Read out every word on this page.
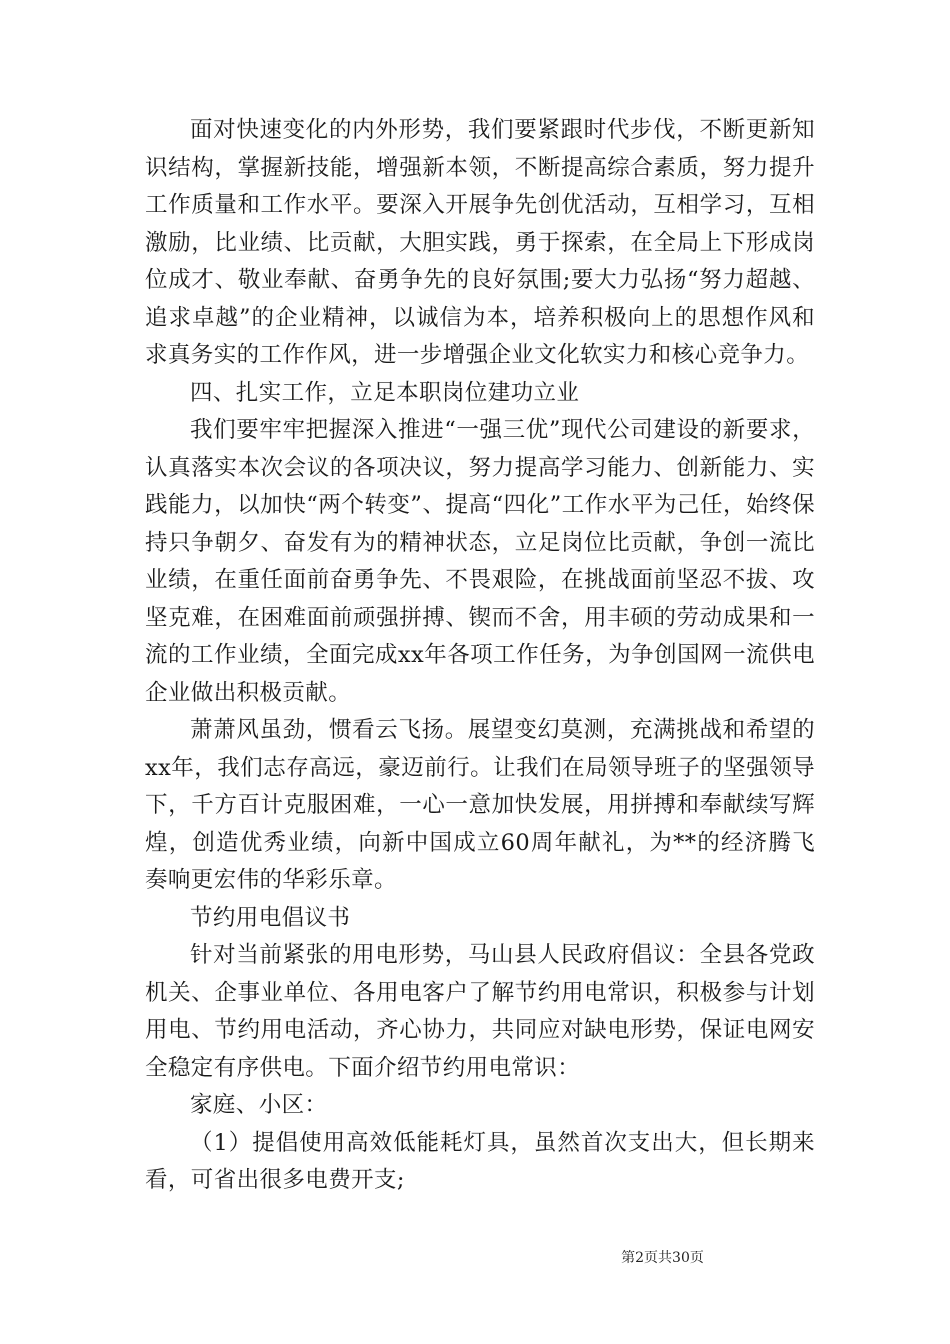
面对快速变化的内外形势，我们要紧跟时代步伐，不断更新知识结构，掌握新技能，增强新本领，不断提高综合素质，努力提升工作质量和工作水平。要深入开展争先创优活动，互相学习，互相激励，比业绩、比贡献，大胆实践，勇于探索，在全局上下形成岗位成才、敬业奉献、奋勇争先的良好氛围;要大力弘扬“努力超越、追求卓越”的企业精神，以诚信为本，培养积极向上的思想作风和求真务实的工作作风，进一步增强企业文化软实力和核心竞争力。

四、扎实工作，立足本职岗位建功立业

我们要牢牢把握深入推进“一强三优”现代公司建设的新要求，认真落实本次会议的各项决议，努力提高学习能力、创新能力、实践能力，以加快“两个转变”、提高“四化”工作水平为己任，始终保持只争朝夕、奋发有为的精神状态，立足岗位比贡献，争创一流比业绩，在重任面前奋勇争先、不畏艰险，在挑战面前坚忍不拔、攻坚克难，在困难面前顽强拼搏、锲而不舍，用丰硕的劳动成果和一流的工作业绩，全面完成xx年各项工作任务，为争创国网一流供电企业做出积极贡献。

萧萧风虽劲，惯看云飞扬。展望变幻莫测，充满挑战和希望的xx年，我们志存高远，豪迈前行。让我们在局领导班子的坚强领导下，千方百计克服困难，一心一意加快发展，用拼搏和奉献续写辉煌，创造优秀业绩，向新中国成立60周年献礼，为**的经济腾飞奏响更宏伟的华彩乐章。

节约用电倡议书

针对当前紧张的用电形势，马山县人民政府倡议：全县各党政机关、企事业单位、各用电客户了解节约用电常识，积极参与计划用电、节约用电活动，齐心协力，共同应对缺电形势，保证电网安全稳定有序供电。下面介绍节约用电常识：

家庭、小区：

（1）提倡使用高效低能耗灯具，虽然首次支出大，但长期来看，可省出很多电费开支;

第2页共30页
